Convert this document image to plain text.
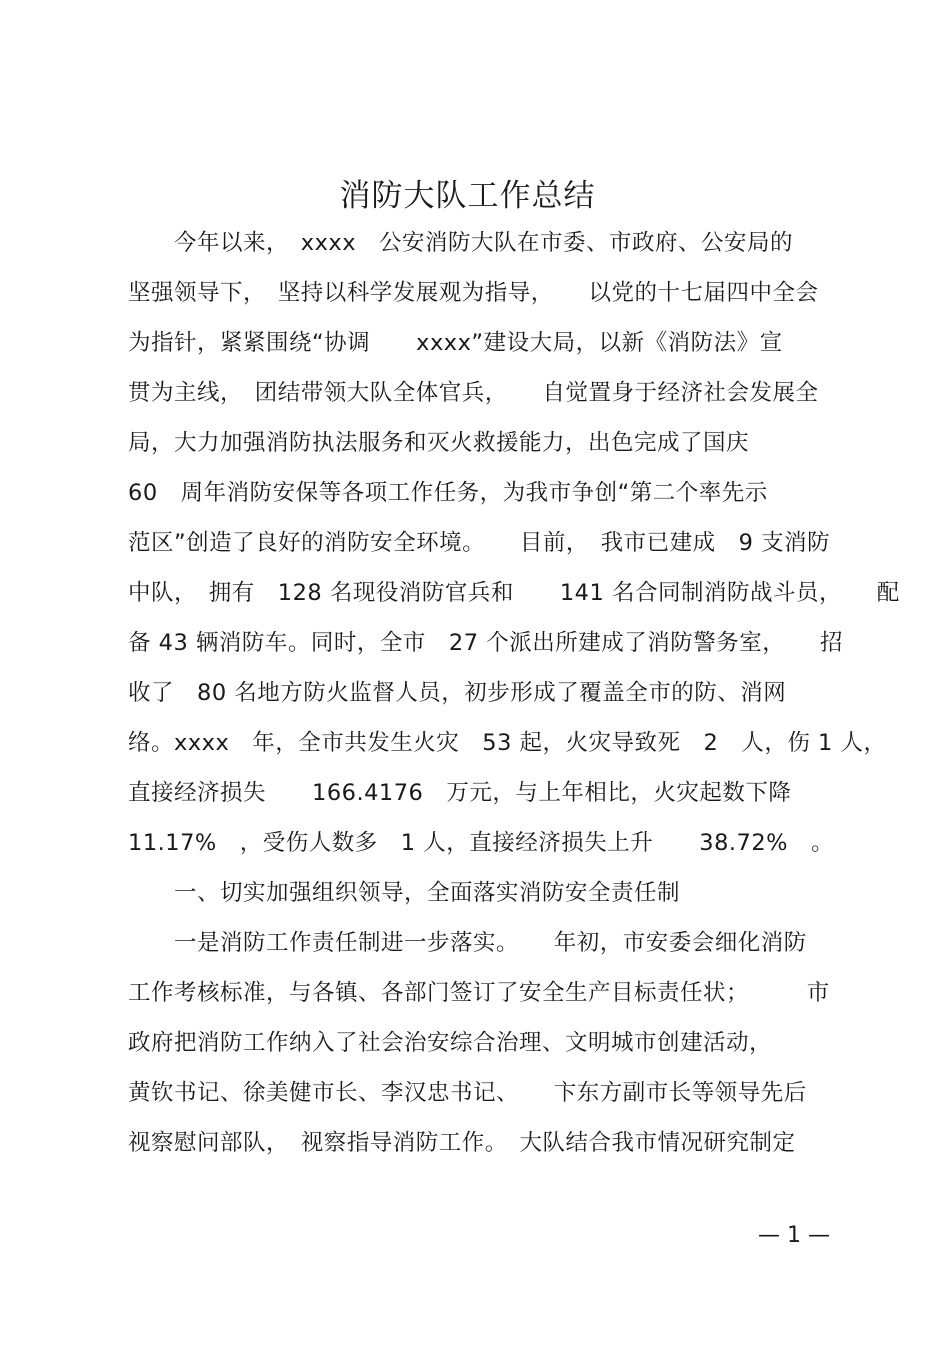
消防大队工作总结
　　今年以来，　xxxx　公安消防大队在市委、市政府、公安局的
坚强领导下，　坚持以科学发展观为指导，　　以党的十七届四中全会
为指针，紧紧围绕“协调　　xxxx”建设大局，以新《消防法》宣
贯为主线，　团结带领大队全体官兵，　　自觉置身于经济社会发展全
局，大力加强消防执法服务和灭火救援能力，出色完成了国庆
60　周年消防安保等各项工作任务，为我市争创“第二个率先示
范区”创造了良好的消防安全环境。　　目前，　我市已建成　9 支消防
中队，　拥有　128 名现役消防官兵和　　141 名合同制消防战斗员，　　配
备 43 辆消防车。同时，全市　27 个派出所建成了消防警务室，　　招
收了　80 名地方防火监督人员，初步形成了覆盖全市的防、消网
络。xxxx　年，全市共发生火灾　53 起，火灾导致死　2　人，伤 1 人，
直接经济损失　　166.4176　万元，与上年相比，火灾起数下降
11.17%　，受伤人数多　1 人，直接经济损失上升　　38.72%　。
　　一、切实加强组织领导，全面落实消防安全责任制
　　一是消防工作责任制进一步落实。　　年初，市安委会细化消防
工作考核标准，与各镇、各部门签订了安全生产目标责任状；　　　市
政府把消防工作纳入了社会治安综合治理、文明城市创建活动，
黄钦书记、徐美健市长、李汉忠书记、　　卞东方副市长等领导先后
视察慰问部队，　视察指导消防工作。　大队结合我市情况研究制定
— 1 —
